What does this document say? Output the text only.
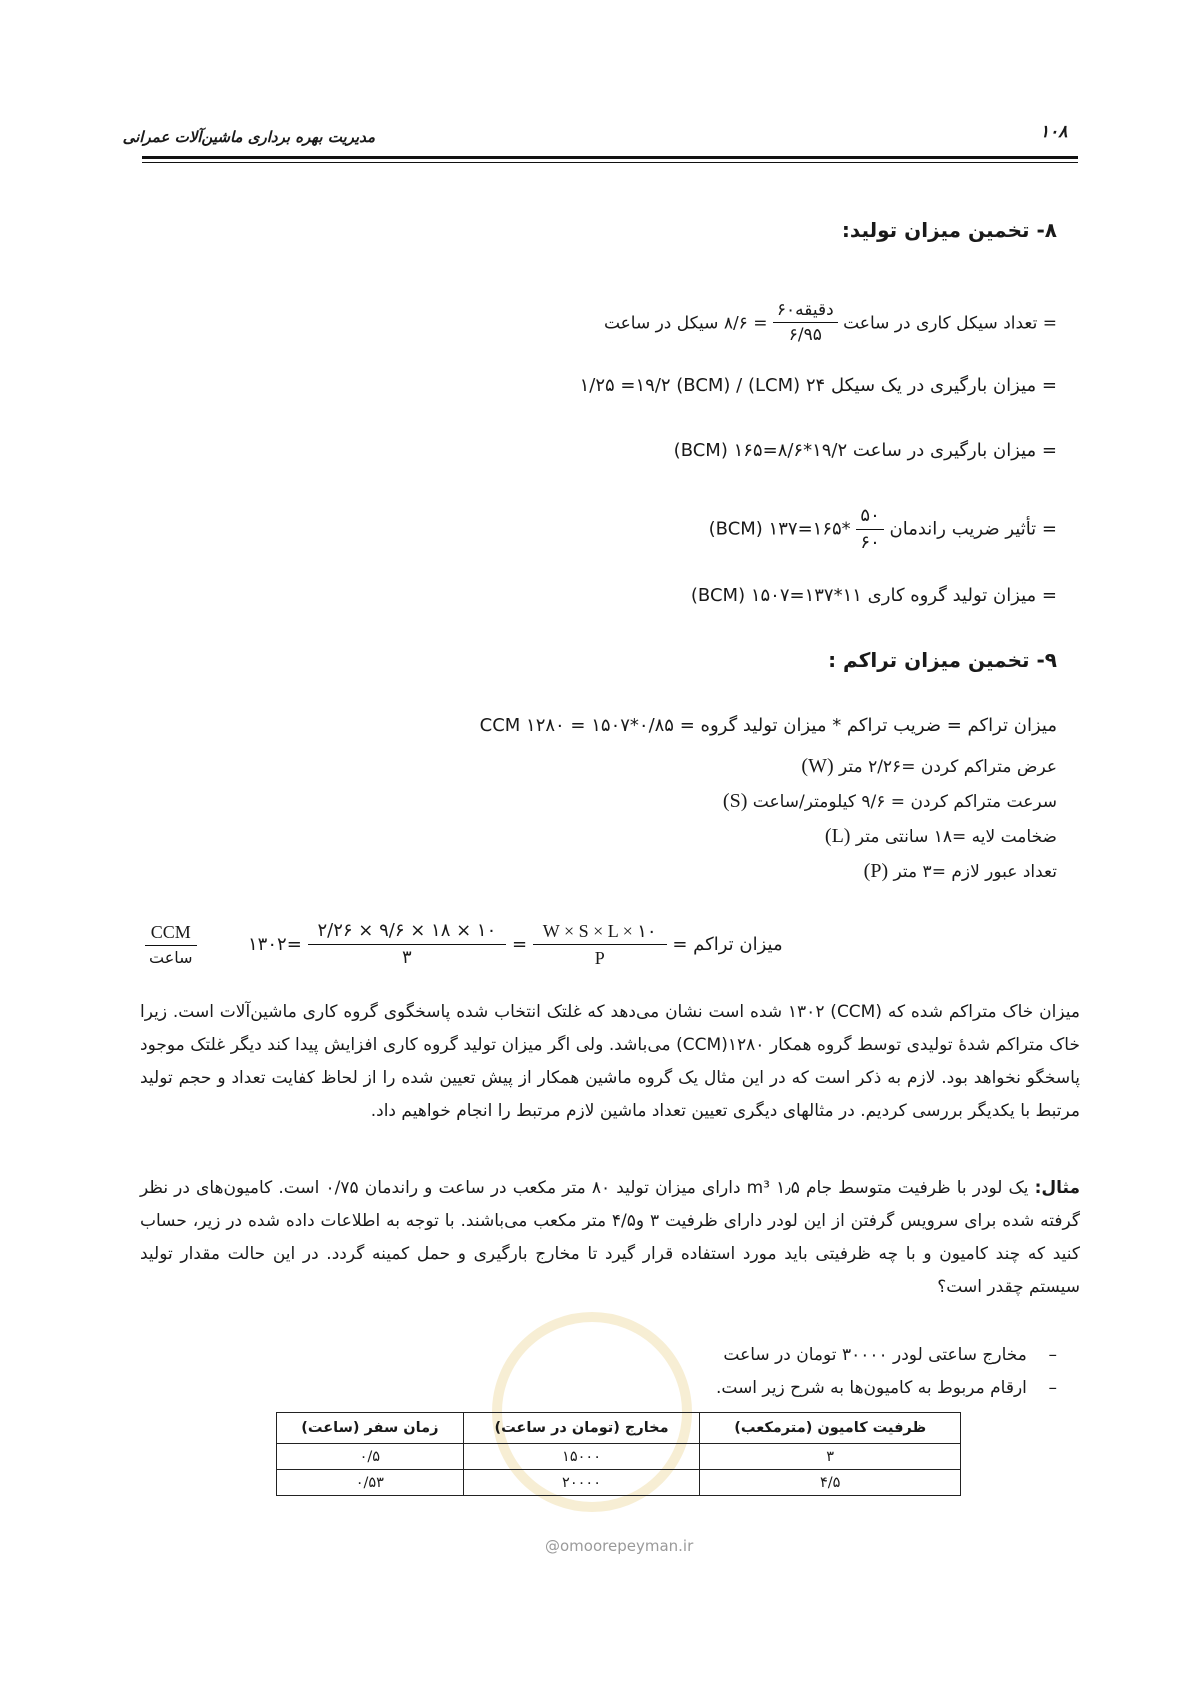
مدیریت بهره برداری ماشین‌آلات عمرانی	۱۰۸
۸- تخمین میزان تولید:
= تعداد سیکل کاری در ساعت
$\frac{\text{دقیقه۶۰}}{۶/۹۵}$
= ۸/۶ سیکل در ساعت
= میزان بارگیری در یک سیکل ۲۴ (LCM) / ۱/۲۵ =۱۹/۲ (BCM)
= میزان بارگیری در ساعت ۱۹/۲*۸/۶=۱۶۵ (BCM)
= تأثیر ضریب راندمان
$\frac{۵۰}{۶۰}$
*۱۶۵=۱۳۷ (BCM)
= میزان تولید گروه کاری ۱۱*۱۳۷=۱۵۰۷ (BCM)
۹- تخمین میزان تراکم :
میزان تراکم = ضریب تراکم * میزان تولید گروه = ۰/۸۵*۱۵۰۷ = ۱۲۸۰ CCM
(W) عرض متراکم کردن =۲/۲۶ متر
(S) سرعت متراکم کردن = ۹/۶ کیلومتر/ساعت
(L) ضخامت لایه =۱۸ سانتی متر
(P) تعداد عبور لازم =۳ متر
$\frac{\text{CCM}}{\text{ساعت}}$	میزان تراکم =
$\frac{W \times S \times L \times ۱۰}{P}$
=
$\frac{۲/۲۶ \times ۹/۶ \times ۱۸ \times ۱۰}{۳}$
=۱۳۰۲

میزان خاک متراکم شده که (CCM) ۱۳۰۲ شده است نشان می‌دهد که غلتک انتخاب شده پاسخگوی گروه کاری ماشین‌آلات است. زیرا خاک متراکم شدهٔ تولیدی توسط گروه همکار ۱۲۸۰(CCM) می‌باشد. ولی اگر میزان تولید گروه کاری افزایش پیدا کند دیگر غلتک موجود پاسخگو نخواهد بود. لازم به ذکر است که در این مثال یک گروه ماشین همکار از پیش تعیین شده را از لحاظ کفایت تعداد و حجم تولید مرتبط با یکدیگر بررسی کردیم. در مثالهای دیگری تعیین تعداد ماشین لازم مرتبط را انجام خواهیم داد.

مثال: یک لودر با ظرفیت متوسط جام ۱٫۵ m³ دارای میزان تولید ۸۰ متر مکعب در ساعت و راندمان ۰/۷۵ است. کامیون‌های در نظر گرفته شده برای سرویس گرفتن از این لودر دارای ظرفیت ۳ و۴/۵ متر مکعب می‌باشند. با توجه به اطلاعات داده شده در زیر، حساب کنید که چند کامیون و با چه ظرفیتی باید مورد استفاده قرار گیرد تا مخارج بارگیری و حمل کمینه گردد. در این حالت مقدار تولید سیستم چقدر است؟

–    مخارج ساعتی لودر ۳۰۰۰۰ تومان در ساعت
–    ارقام مربوط به کامیون‌ها به شرح زیر است.
@omoorepeyman.ir
ظرفیت کامیون (مترمکعب)	مخارج (تومان در ساعت)	زمان سفر (ساعت)
۳	۱۵۰۰۰	۰/۵
۴/۵	۲۰۰۰۰	۰/۵۳
